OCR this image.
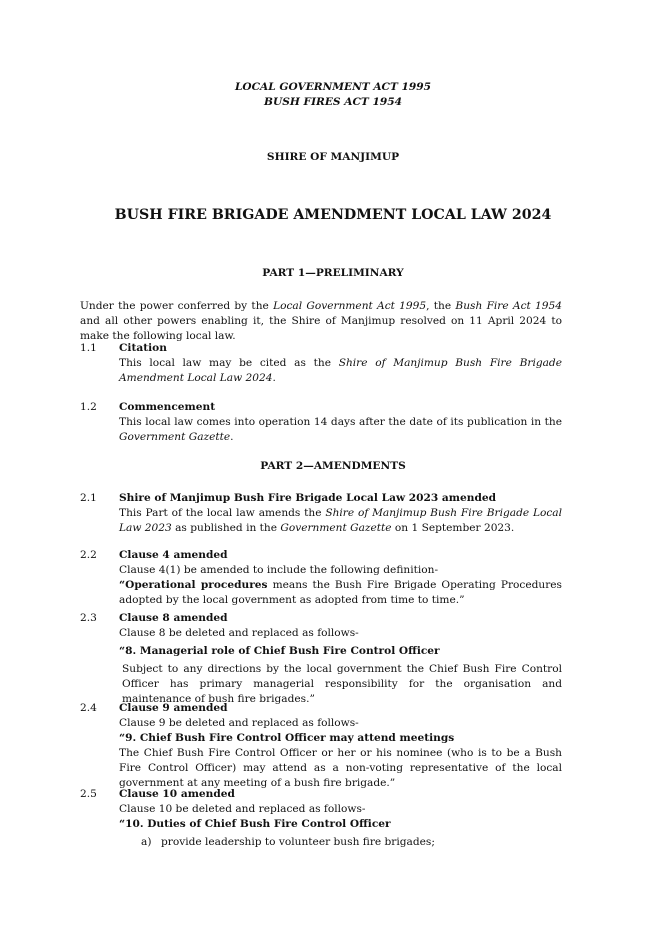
LOCAL GOVERNMENT ACT 1995
BUSH FIRES ACT 1954
SHIRE OF MANJIMUP
BUSH FIRE BRIGADE AMENDMENT LOCAL LAW 2024
PART 1—PRELIMINARY
Under the power conferred by the Local Government Act 1995, the Bush Fire Act 1954 and all other powers enabling it, the Shire of Manjimup resolved on 11 April 2024 to make the following local law.
1.1	Citation

This local law may be cited as the Shire of Manjimup Bush Fire Brigade Amendment Local Law 2024.

1.2	Commencement

This local law comes into operation 14 days after the date of its publication in the Government Gazette.

PART 2—AMENDMENTS
2.1	Shire of Manjimup Bush Fire Brigade Local Law 2023 amended

This Part of the local law amends the Shire of Manjimup Bush Fire Brigade Local Law 2023 as published in the Government Gazette on 1 September 2023.

2.2	Clause 4 amended

Clause 4(1) be amended to include the following definition-

“Operational procedures means the Bush Fire Brigade Operating Procedures adopted by the local government as adopted from time to time.”

2.3	Clause 8 amended

Clause 8 be deleted and replaced as follows-

“8. Managerial role of Chief Bush Fire Control Officer

Subject to any directions by the local government the Chief Bush Fire Control Officer has primary managerial responsibility for the organisation and maintenance of bush fire brigades.”

2.4	Clause 9 amended

Clause 9 be deleted and replaced as follows-

“9. Chief Bush Fire Control Officer may attend meetings

The Chief Bush Fire Control Officer or her or his nominee (who is to be a Bush Fire Control Officer) may attend as a non-voting representative of the local government at any meeting of a bush fire brigade.”

2.5	Clause 10 amended

Clause 10 be deleted and replaced as follows-

“10. Duties of Chief Bush Fire Control Officer

a) provide leadership to volunteer bush fire brigades;
